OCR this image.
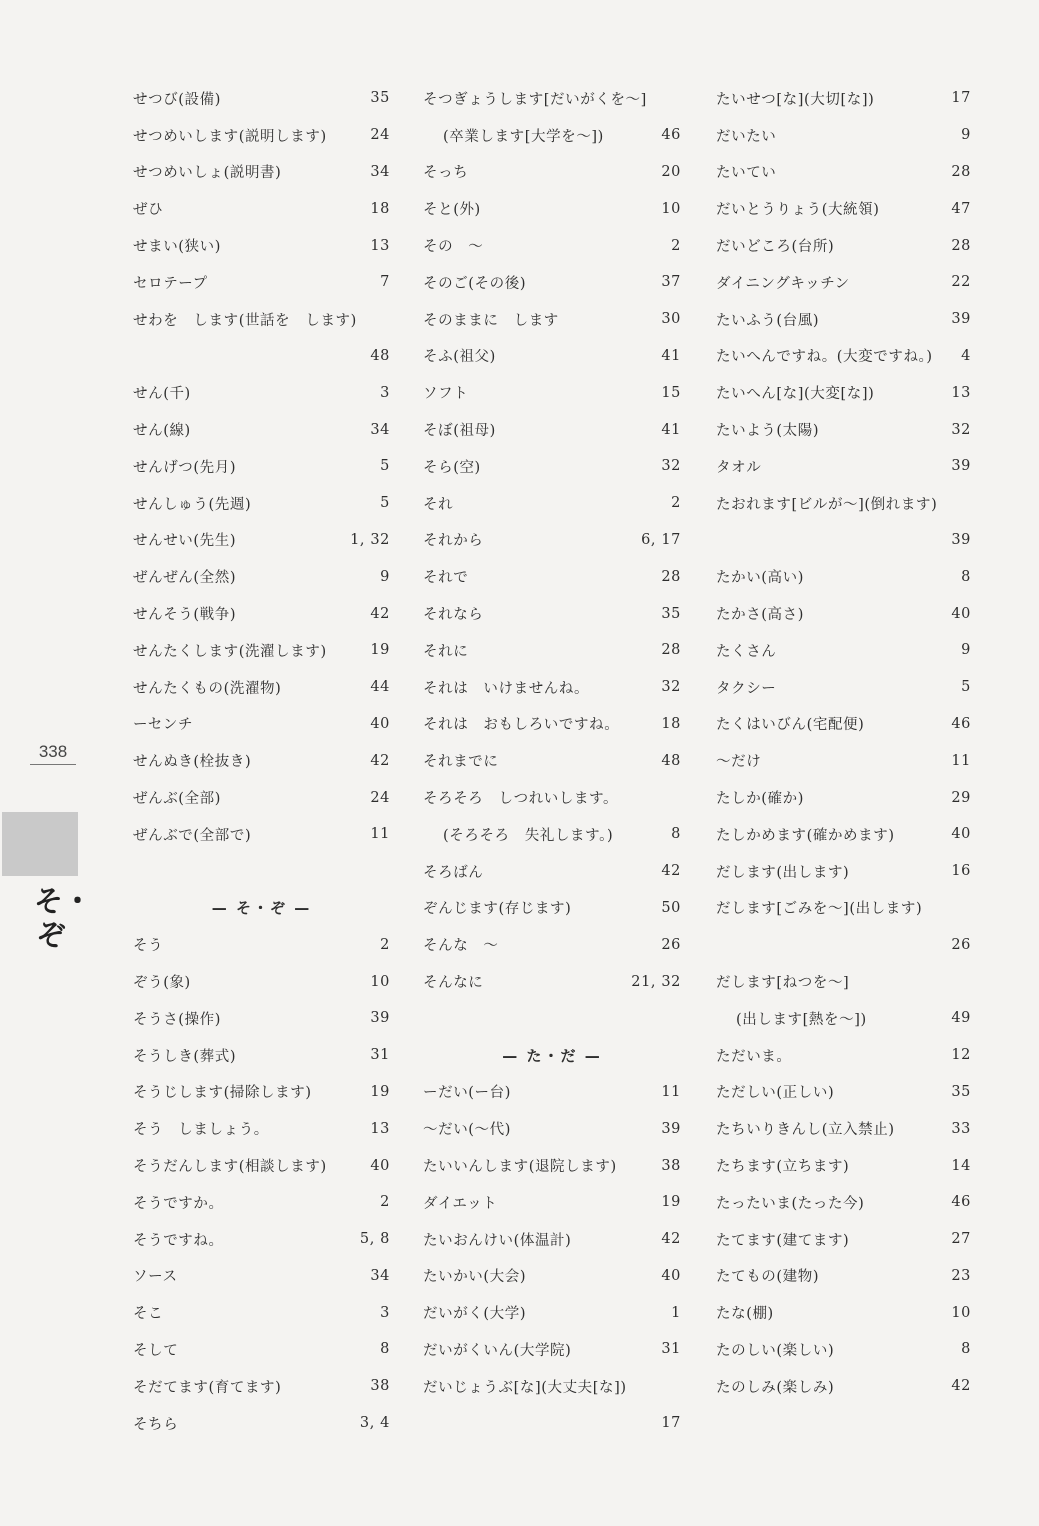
338
そ・ぞ
せつび(設備)	35
せつめいします(説明します)	24
せつめいしょ(説明書)	34
ぜひ	18
せまい(狭い)	13
セロテープ	7
せわを　します(世話を　します)
48
せん(千)	3
せん(線)	34
せんげつ(先月)	5
せんしゅう(先週)	5
せんせい(先生)	1, 32
ぜんぜん(全然)	9
せんそう(戦争)	42
せんたくします(洗濯します)	19
せんたくもの(洗濯物)	44
ーセンチ	40
せんぬき(栓抜き)	42
ぜんぶ(全部)	24
ぜんぶで(全部で)	11
— そ・ぞ —
そう	2
ぞう(象)	10
そうさ(操作)	39
そうしき(葬式)	31
そうじします(掃除します)	19
そう　しましょう。	13
そうだんします(相談します)	40
そうですか。	2
そうですね。	5, 8
ソース	34
そこ	3
そして	8
そだてます(育てます)	38
そちら	3, 4
そつぎょうします[だいがくを～]
(卒業します[大学を～])	46
そっち	20
そと(外)	10
その　～	2
そのご(その後)	37
そのままに　します	30
そふ(祖父)	41
ソフト	15
そぼ(祖母)	41
そら(空)	32
それ	2
それから	6, 17
それで	28
それなら	35
それに	28
それは　いけませんね。	32
それは　おもしろいですね。	18
それまでに	48
そろそろ　しつれいします。
(そろそろ　失礼します。)	8
そろばん	42
ぞんじます(存じます)	50
そんな　～	26
そんなに	21, 32
— た・だ —
ーだい(ー台)	11
～だい(～代)	39
たいいんします(退院します)	38
ダイエット	19
たいおんけい(体温計)	42
たいかい(大会)	40
だいがく(大学)	1
だいがくいん(大学院)	31
だいじょうぶ[な](大丈夫[な])
17
たいせつ[な](大切[な])	17
だいたい	9
たいてい	28
だいとうりょう(大統領)	47
だいどころ(台所)	28
ダイニングキッチン	22
たいふう(台風)	39
たいへんですね。(大変ですね。)	4
たいへん[な](大変[な])	13
たいよう(太陽)	32
タオル	39
たおれます[ビルが～](倒れます)
39
たかい(高い)	8
たかさ(高さ)	40
たくさん	9
タクシー	5
たくはいびん(宅配便)	46
～だけ	11
たしか(確か)	29
たしかめます(確かめます)	40
だします(出します)	16
だします[ごみを～](出します)
26
だします[ねつを～]
(出します[熱を～])	49
ただいま。	12
ただしい(正しい)	35
たちいりきんし(立入禁止)	33
たちます(立ちます)	14
たったいま(たった今)	46
たてます(建てます)	27
たてもの(建物)	23
たな(棚)	10
たのしい(楽しい)	8
たのしみ(楽しみ)	42
